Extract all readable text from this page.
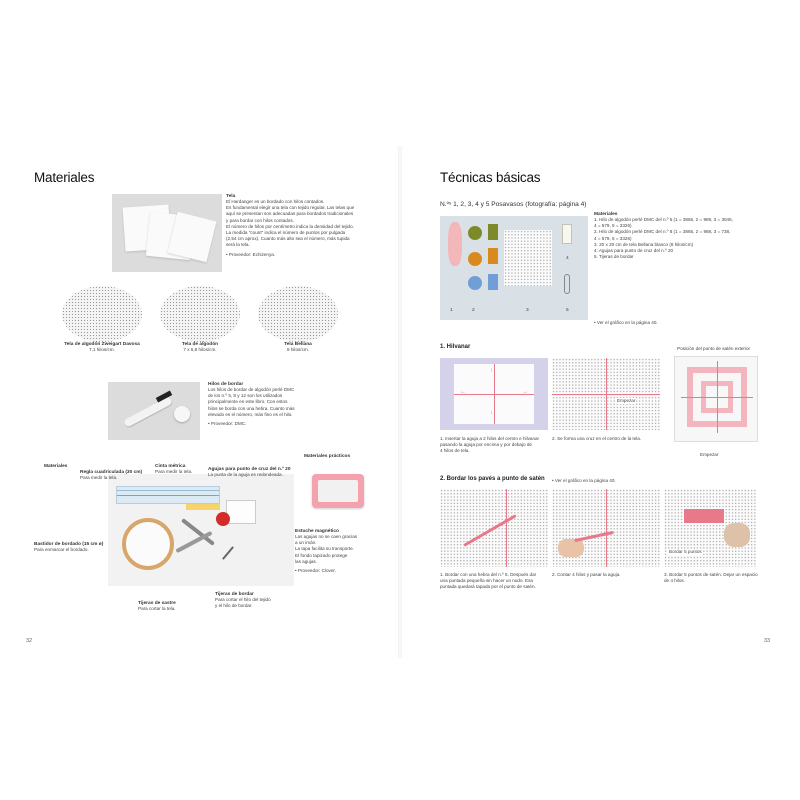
Materiales
Tela
El Hardanger es un bordado con hilos contados.
Es fundamental elegir una tela con tejido regular. Las telas que
aquí se presentan son adecuadas para bordados tradicionales
y para bordar con hilos contados.
El número de hilos por centímetro indica la densidad del tejido.
La medida "count" indica el número de puntos por pulgada
(2,54 cm aprox). Cuanto más alto sea el número, más tupida
será la tela.
• Proveedor: Echizenya.
Tela de algodón Zweigart Davosa
7,1 hilos/cm.
Tela de algodón
7 x 6,8 hilos/cm.
Tela Bellana
8 hilos/cm.
Hilos de bordar
Los hilos de bordar de algodón perlé DMC
de los n.º 5, 8 y 12 son los utilizados
principalmente en este libro. Con estos
hilos se borda con una hebra. Cuanto más
elevado es el número, más fino es el hilo.
• Proveedor: DMC.
Materiales
Materiales prácticos
Regla cuadriculada (30 cm)
Para medir la tela.
Cinta métrica
Para medir la tela.	Agujas para punto de cruz del n.º 20
La punta de la aguja es redondeada.
Bastidor de bordado (15 cm ø)
Para enmarcar el bordado.
Tijeras de sastre
Para cortar la tela.
Tijeras de bordar
Para cortar el hilo del tejido
y el hilo de bordar.
Estuche magnético
Las agujas no se caen gracias
a un imán.
La tapa facilita su transporte.
El fondo tapizado protege
las agujas.
• Proveedor: Clover.
32
Técnicas básicas
N.ºˢ 1, 2, 3, 4 y 5 Posavasos (fotografía: página 4)
1	2	3
4
5
Materiales
1. Hilo de algodón perlé DMC del n.º 5 (1 = 3865, 2 = 989, 3 = 3046,
4 = 579, 5 = 3326)
2. Hilo de algodón perlé DMC del n.º 8 (1 = 3865, 2 = 988, 3 = 738,
4 = 579, 5 = 3326)
3. 20 x 20 cm de tela Bellana blanco (8 hilos/cm)
4. Agujas para punto de cruz del n.º 20
5. Tijeras de bordar
• Ver el gráfico en la página 40.
1. Hilvanar	Posición del punto de satén exterior
↑
↓
←	→
Empezar
Empezar
1. Insertar la aguja a 2 hilos del centro e hilvanar
pasando la aguja por encima y por debajo de
4 hilos de tela.
2. Se forma una cruz en el centro de la tela.
2. Bordar los pavés a punto de satén • Ver el gráfico en la página 40.
Bordar 5 puntos
1. Bordar con una hebra del n.º 5. Después dar
una puntada pequeña sin hacer un nudo. Esa
puntada quedará tapada por el punto de satén.
2. Contar 4 hilos y pasar la aguja.	3. Bordar 5 puntos de satén. Dejar un espacio
de 4 hilos.
33
